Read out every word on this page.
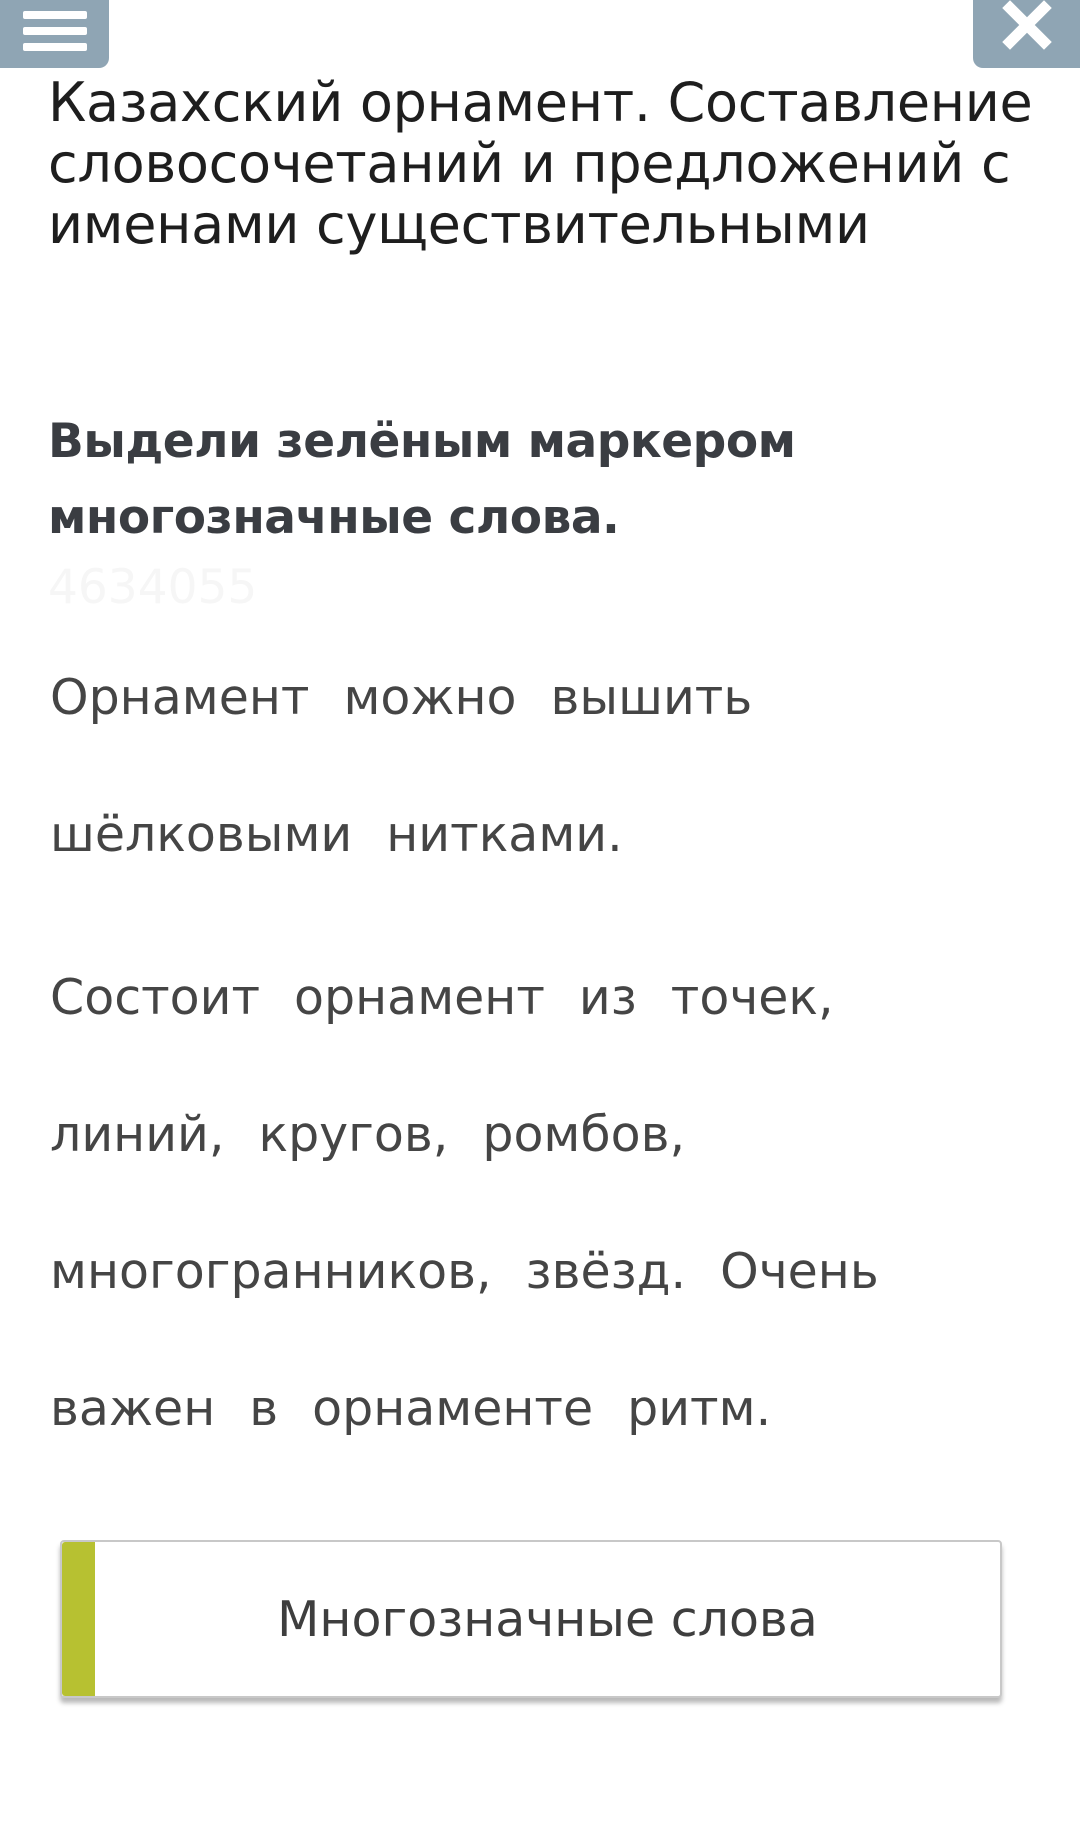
Казахский орнамент. Составление словосочетаний и предложений с именами существительными

Выдели зелёным маркером многозначные слова.

4634055
Орнамент можно вышить
шёлковыми нитками.
Состоит орнамент из точек,
линий, кругов, ромбов,
многогранников, звёзд. Очень
важен в орнаменте ритм.
Многозначные слова
